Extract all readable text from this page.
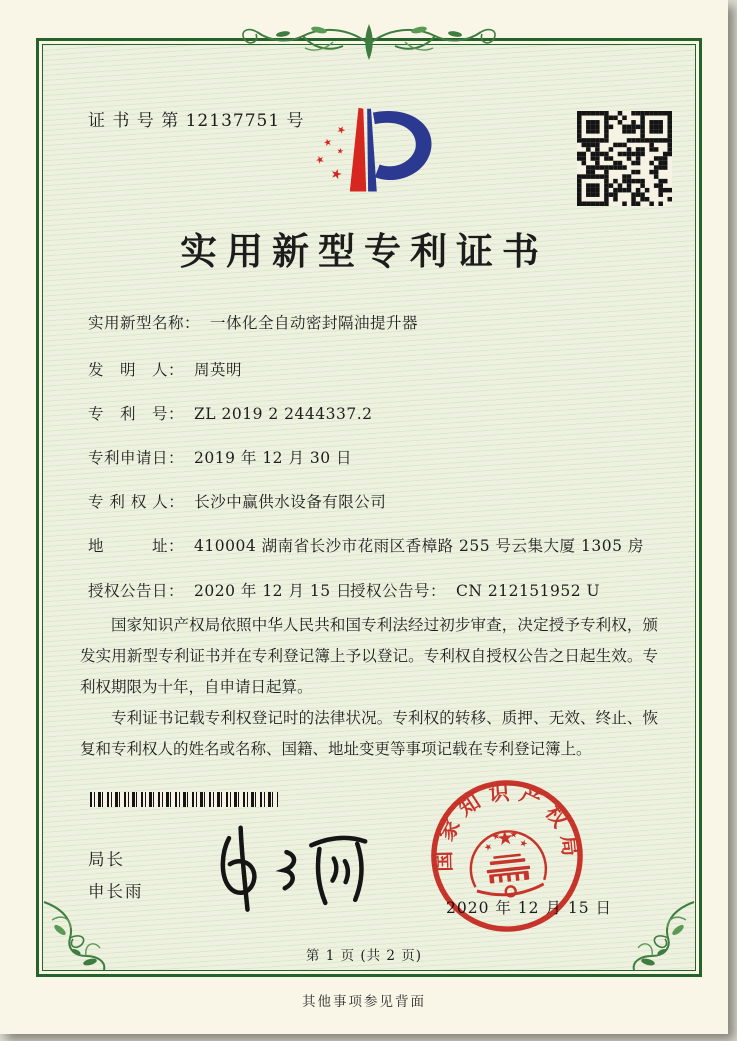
证 书 号 第 12137751 号
实用新型专利证书
实用新型名称： 一体化全自动密封隔油提升器
发　明　人： 周英明
专　利　号： ZL 2019 2 2444337.2
专利申请日： 2019 年 12 月 30 日
专 利 权 人： 长沙中赢供水设备有限公司
地　　　址： 410004 湖南省长沙市花雨区香樟路 255 号云集大厦 1305 房
授权公告日： 2020 年 12 月 15 日
授权公告号： CN 212151952 U

国家知识产权局依照中华人民共和国专利法经过初步审查，决定授予专利权，颁发实用新型专利证书并在专利登记簿上予以登记。专利权自授权公告之日起生效。专利权期限为十年，自申请日起算。

专利证书记载专利权登记时的法律状况。专利权的转移、质押、无效、终止、恢复和专利权人的姓名或名称、国籍、地址变更等事项记载在专利登记簿上。

局长
申长雨
2020 年 12 月 15 日
国家知识产权局
第 1 页 (共 2 页)
其他事项参见背面
